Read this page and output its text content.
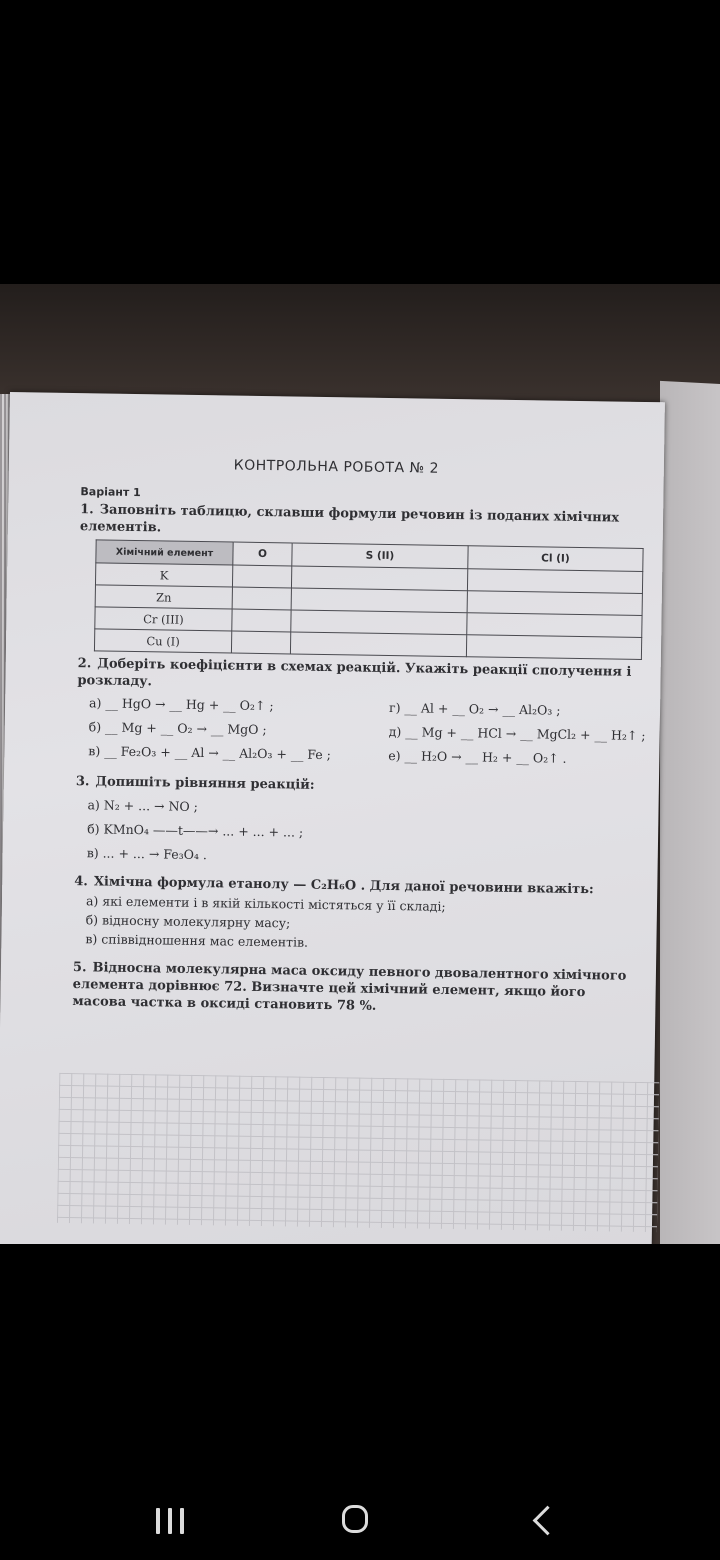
КОНТРОЛЬНА РОБОТА № 2
Варіант 1
1. Заповніть таблицю, склавши формули речовин із поданих хімічних елементів.
Хімічний елемент	O	S (II)	Cl (I)
K			
Zn			
Cr (III)			
Cu (I)			
2. Доберіть коефіцієнти в схемах реакцій. Укажіть реакції сполучення і розкладу.
а) __ HgO → __ Hg + __ O₂↑ ;	г) __ Al + __ O₂ → __ Al₂O₃ ;
б) __ Mg + __ O₂ → __ MgO ;	д) __ Mg + __ HCl → __ MgCl₂ + __ H₂↑ ;
в) __ Fe₂O₃ + __ Al → __ Al₂O₃ + __ Fe ;	е) __ H₂O → __ H₂ + __ O₂↑ .
3. Допишіть рівняння реакцій:
а) N₂ + ... → NO ;
б) KMnO₄ ——t——→ ... + ... + ... ;
в) ... + ... → Fe₃O₄ .
4. Хімічна формула етанолу — C₂H₆O . Для даної речовини вкажіть:
а) які елементи і в якій кількості містяться у її складі;
б) відносну молекулярну масу;
в) співвідношення мас елементів.
5. Відносна молекулярна маса оксиду певного двовалентного хімічного елемента дорівнює 72. Визначте цей хімічний елемент, якщо його масова частка в оксиді становить 78 %.
